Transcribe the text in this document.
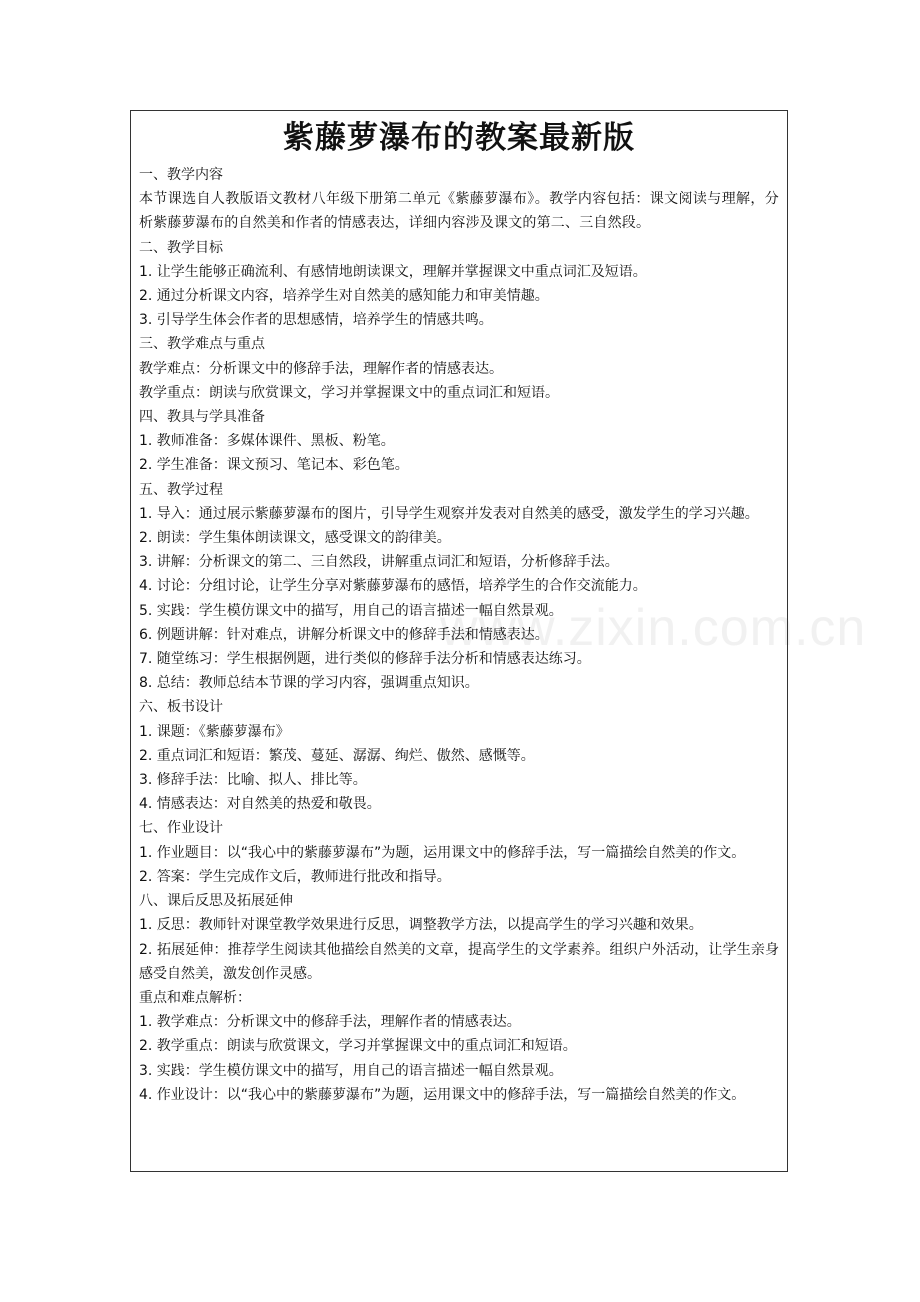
www.zixin.com.cn
紫藤萝瀑布的教案最新版
一、教学内容
本节课选自人教版语文教材八年级下册第二单元《紫藤萝瀑布》。教学内容包括：课文阅读与理解，分析紫藤萝瀑布的自然美和作者的情感表达，详细内容涉及课文的第二、三自然段。
二、教学目标
1. 让学生能够正确流利、有感情地朗读课文，理解并掌握课文中重点词汇及短语。
2. 通过分析课文内容，培养学生对自然美的感知能力和审美情趣。
3. 引导学生体会作者的思想感情，培养学生的情感共鸣。
三、教学难点与重点
教学难点：分析课文中的修辞手法，理解作者的情感表达。
教学重点：朗读与欣赏课文，学习并掌握课文中的重点词汇和短语。
四、教具与学具准备
1. 教师准备：多媒体课件、黑板、粉笔。
2. 学生准备：课文预习、笔记本、彩色笔。
五、教学过程
1. 导入：通过展示紫藤萝瀑布的图片，引导学生观察并发表对自然美的感受，激发学生的学习兴趣。
2. 朗读：学生集体朗读课文，感受课文的韵律美。
3. 讲解：分析课文的第二、三自然段，讲解重点词汇和短语，分析修辞手法。
4. 讨论：分组讨论，让学生分享对紫藤萝瀑布的感悟，培养学生的合作交流能力。
5. 实践：学生模仿课文中的描写，用自己的语言描述一幅自然景观。
6. 例题讲解：针对难点，讲解分析课文中的修辞手法和情感表达。
7. 随堂练习：学生根据例题，进行类似的修辞手法分析和情感表达练习。
8. 总结：教师总结本节课的学习内容，强调重点知识。
六、板书设计
1. 课题：《紫藤萝瀑布》
2. 重点词汇和短语：繁茂、蔓延、潺潺、绚烂、傲然、感慨等。
3. 修辞手法：比喻、拟人、排比等。
4. 情感表达：对自然美的热爱和敬畏。
七、作业设计
1. 作业题目：以“我心中的紫藤萝瀑布”为题，运用课文中的修辞手法，写一篇描绘自然美的作文。
2. 答案：学生完成作文后，教师进行批改和指导。
八、课后反思及拓展延伸
1. 反思：教师针对课堂教学效果进行反思，调整教学方法，以提高学生的学习兴趣和效果。
2. 拓展延伸：推荐学生阅读其他描绘自然美的文章，提高学生的文学素养。组织户外活动，让学生亲身感受自然美，激发创作灵感。
重点和难点解析：
1. 教学难点：分析课文中的修辞手法，理解作者的情感表达。
2. 教学重点：朗读与欣赏课文，学习并掌握课文中的重点词汇和短语。
3. 实践：学生模仿课文中的描写，用自己的语言描述一幅自然景观。
4. 作业设计：以“我心中的紫藤萝瀑布”为题，运用课文中的修辞手法，写一篇描绘自然美的作文。
